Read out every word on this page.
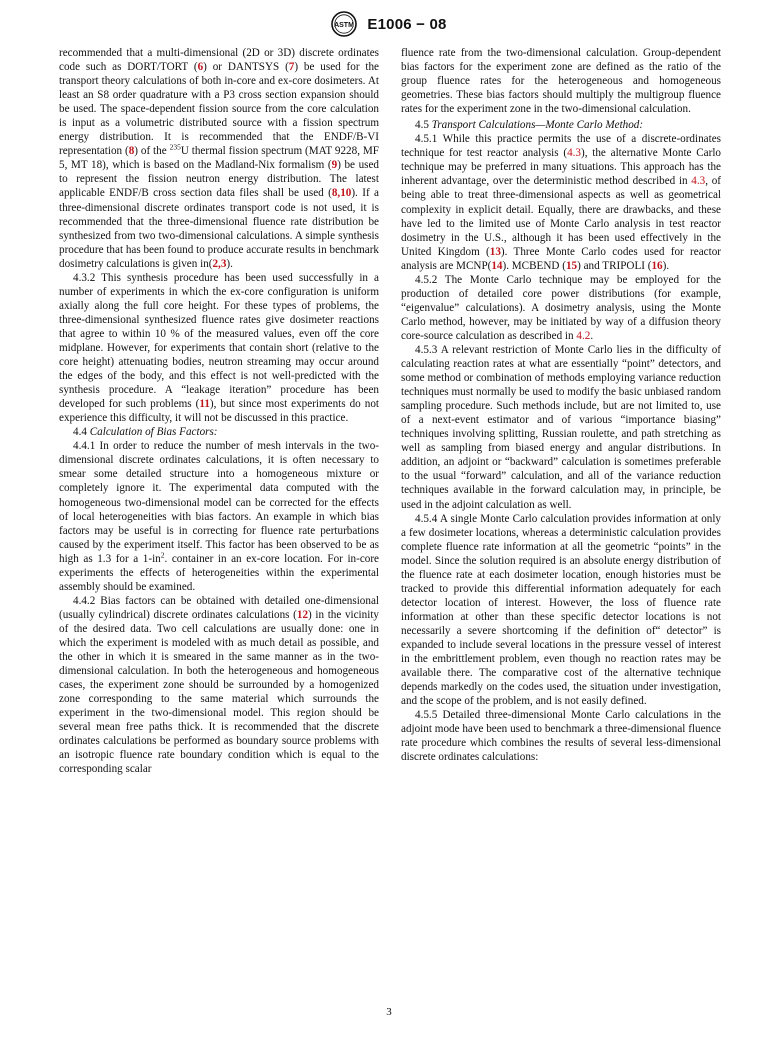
ASTM E1006 − 08

recommended that a multi-dimensional (2D or 3D) discrete ordinates code such as DORT/TORT (6) or DANTSYS (7) be used for the transport theory calculations of both in-core and ex-core dosimeters. At least an S8 order quadrature with a P3 cross section expansion should be used. The space-dependent fission source from the core calculation is input as a volumetric distributed source with a fission spectrum energy distribution. It is recommended that the ENDF/B-VI representation (8) of the $^{235}$U thermal fission spectrum (MAT 9228, MF 5, MT 18), which is based on the Madland-Nix formalism (9) be used to represent the fission neutron energy distribution. The latest applicable ENDF/B cross section data files shall be used (8,10). If a three-dimensional discrete ordinates transport code is not used, it is recommended that the three-dimensional fluence rate distribution be synthesized from two two-dimensional calculations. A simple synthesis procedure that has been found to produce accurate results in benchmark dosimetry calculations is given in(2,3).

4.3.2 This synthesis procedure has been used successfully in a number of experiments in which the ex-core configuration is uniform axially along the full core height. For these types of problems, the three-dimensional synthesized fluence rates give dosimeter reactions that agree to within 10 % of the measured values, even off the core midplane. However, for experiments that contain short (relative to the core height) attenuating bodies, neutron streaming may occur around the edges of the body, and this effect is not well-predicted with the synthesis procedure. A “leakage iteration” procedure has been developed for such problems (11), but since most experiments do not experience this difficulty, it will not be discussed in this practice.

4.4 Calculation of Bias Factors:

4.4.1 In order to reduce the number of mesh intervals in the two-dimensional discrete ordinates calculations, it is often necessary to smear some detailed structure into a homogeneous mixture or completely ignore it. The experimental data computed with the homogeneous two-dimensional model can be corrected for the effects of local heterogeneities with bias factors. An example in which bias factors may be useful is in correcting for fluence rate perturbations caused by the experiment itself. This factor has been observed to be as high as 1.3 for a $1-in^2$. container in an ex-core location. For in-core experiments the effects of heterogeneities within the experimental assembly should be examined.

4.4.2 Bias factors can be obtained with detailed one-dimensional (usually cylindrical) discrete ordinates calculations (12) in the vicinity of the desired data. Two cell calculations are usually done: one in which the experiment is modeled with as much detail as possible, and the other in which it is smeared in the same manner as in the two-dimensional calculation. In both the heterogeneous and homogeneous cases, the experiment zone should be surrounded by a homogenized zone corresponding to the same material which surrounds the experiment in the two-dimensional model. This region should be several mean free paths thick. It is recommended that the discrete ordinates calculations be performed as boundary source problems with an isotropic fluence rate boundary condition which is equal to the corresponding scalar

fluence rate from the two-dimensional calculation. Group-dependent bias factors for the experiment zone are defined as the ratio of the group fluence rates for the heterogeneous and homogeneous geometries. These bias factors should multiply the multigroup fluence rates for the experiment zone in the two-dimensional calculation.

4.5 Transport Calculations—Monte Carlo Method:

4.5.1 While this practice permits the use of a discrete-ordinates technique for test reactor analysis (4.3), the alternative Monte Carlo technique may be preferred in many situations. This approach has the inherent advantage, over the deterministic method described in 4.3, of being able to treat three-dimensional aspects as well as geometrical complexity in explicit detail. Equally, there are drawbacks, and these have led to the limited use of Monte Carlo analysis in test reactor dosimetry in the U.S., although it has been used effectively in the United Kingdom (13). Three Monte Carlo codes used for reactor analysis are MCNP(14). MCBEND (15) and TRIPOLI (16).

4.5.2 The Monte Carlo technique may be employed for the production of detailed core power distributions (for example, “eigenvalue” calculations). A dosimetry analysis, using the Monte Carlo method, however, may be initiated by way of a diffusion theory core-source calculation as described in 4.2.

4.5.3 A relevant restriction of Monte Carlo lies in the difficulty of calculating reaction rates at what are essentially “point” detectors, and some method or combination of methods employing variance reduction techniques must normally be used to modify the basic unbiased random sampling procedure. Such methods include, but are not limited to, use of a next-event estimator and of various “importance biasing” techniques involving splitting, Russian roulette, and path stretching as well as sampling from biased energy and angular distributions. In addition, an adjoint or “backward” calculation is sometimes preferable to the usual “forward” calculation, and all of the variance reduction techniques available in the forward calculation may, in principle, be used in the adjoint calculation as well.

4.5.4 A single Monte Carlo calculation provides information at only a few dosimeter locations, whereas a deterministic calculation provides complete fluence rate information at all the geometric “points” in the model. Since the solution required is an absolute energy distribution of the fluence rate at each dosimeter location, enough histories must be tracked to provide this differential information adequately for each detector location of interest. However, the loss of fluence rate information at other than these specific detector locations is not necessarily a severe shortcoming if the definition of“ detector” is expanded to include several locations in the pressure vessel of interest in the embrittlement problem, even though no reaction rates may be available there. The comparative cost of the alternative technique depends markedly on the codes used, the situation under investigation, and the scope of the problem, and is not easily defined.

4.5.5 Detailed three-dimensional Monte Carlo calculations in the adjoint mode have been used to benchmark a three-dimensional fluence rate procedure which combines the results of several less-dimensional discrete ordinates calculations:

3
